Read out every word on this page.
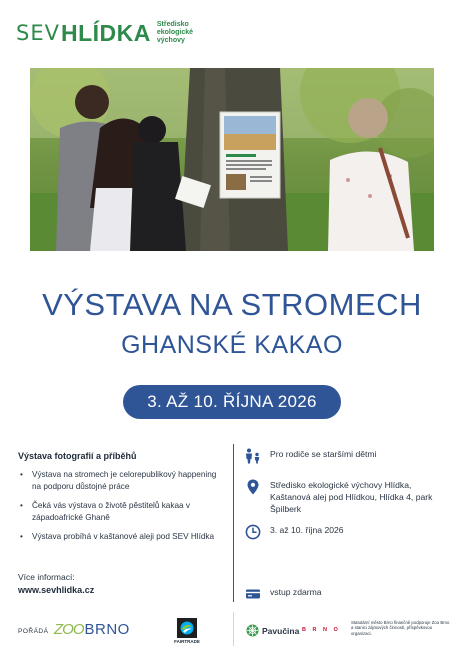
SEV HLÍDKA Středisko ekologické výchovy
VÝSTAVA NA STROMECH
GHANSKÉ KAKAO
3. AŽ 10. ŘÍJNA 2026
Výstava fotografií a příběhů
• Výstava na stromech je celorepublikový happening na podporu důstojné práce
• Čeká vás výstava o životě pěstitelů kakaa v západoafrické Ghaně
• Výstava probíhá v kaštanové aleji pod SEV Hlídka
Více informací:
www.sevhlidka.cz
Pro rodiče se staršími dětmi
Středisko ekologické výchovy Hlídka, Kaštanová alej pod Hlídkou, Hlídka 4, park Špilberk
3. až 10. října 2026
vstup zdarma
POŘÁDÁ ZOO BRNO
FAIRTRADE
Pavučina B R N O
Statutární město Brno finančně podporuje Zoo Brno a stanici zájmových činností, příspěvkovou organizaci.
